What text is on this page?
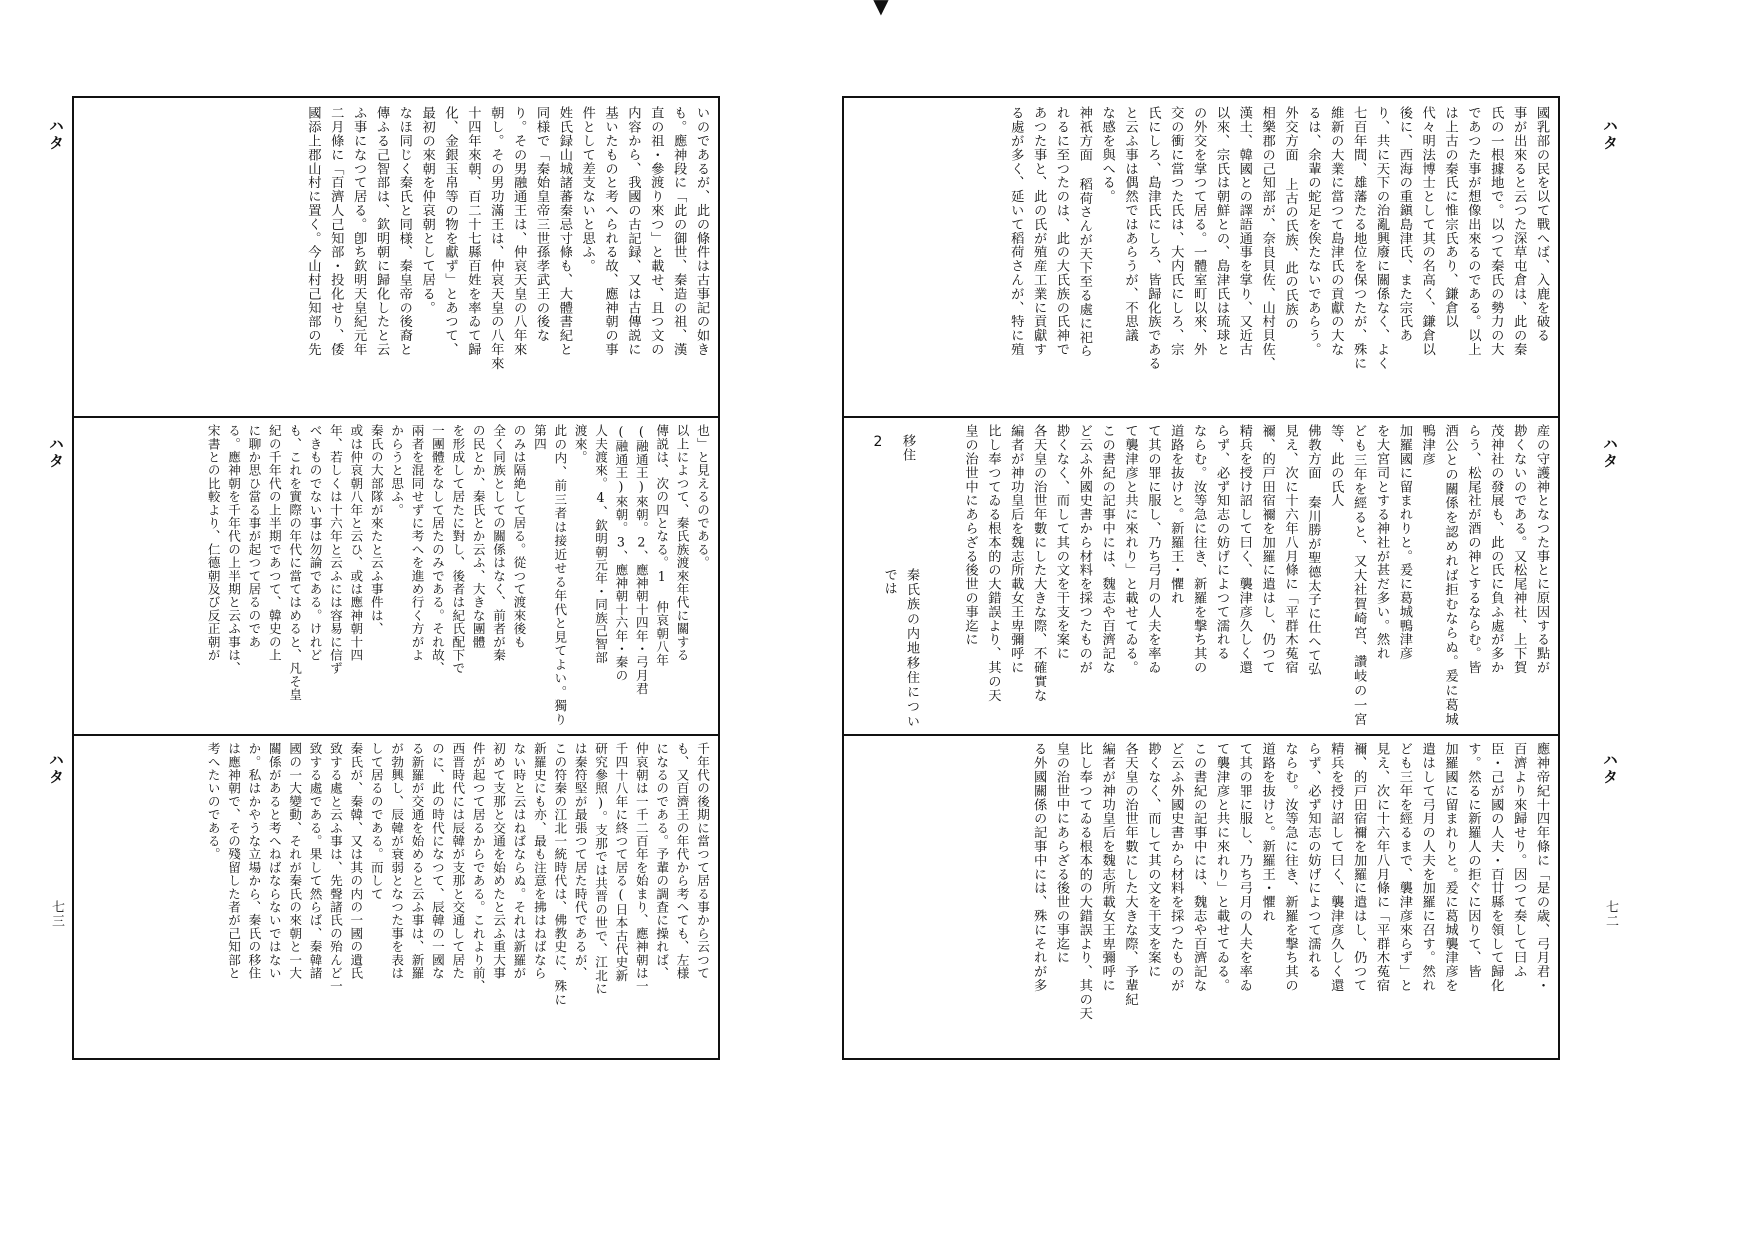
▼

いのであるが、此の條件は古事記の如き

も。應神段に「此の御世、秦造の祖、漢

直の祖・參渡り來つ」と載せ、且つ文の

内容から、我國の古記録、又は古傳説に

基いたものと考へられる故、應神朝の事

件として差支ないと思ふ。

姓氏録山城諸蕃秦忌寸條も、大體書紀と

同様で「秦始皇帝三世孫孝武王の後な

り。その男融通王は、仲哀天皇の八年來

朝し。その男功滿王は、仲哀天皇の八年來

十四年來朝、百二十七縣百姓を率ゐて歸

化、金銀玉帛等の物を獻ず」とあつて、

最初の來朝を仲哀朝として居る。

なほ同じく秦氏と同様、秦皇帝の後裔と

傳ふる己智部は、欽明朝に歸化したと云

ふ事になつて居る。卽ち欽明天皇紀元年

二月條に「百濟人己知部・投化せり、倭

國添上郡山村に置く。今山村己知部の先

也」と見えるのである。

以上によつて、秦氏族渡來年代に關する

傳説は、次の四となる。1 仲哀朝八年

(融通王)來朝。2、應神朝十四年・弓月君

(融通王)來朝。3、應神朝十六年・秦の

人夫渡來。4、欽明朝元年・同族己智部

渡來。

此の内、前三者は接近せる年代と見てよい。獨り第四

のみは隔絶して居る。從つて渡來後も

全く同族としての關係はなく、前者が秦

の民とか、秦氏とか云ふ、大きな團體

を形成して居たに對し、後者は紀氏配下で

一團體をなして居たのみである。それ故、

兩者を混同せずに考へを進め行く方がよ

からうと思ふ。

秦氏の大部隊が來たと云ふ事件は、

或は仲哀朝八年と云ひ、或は應神朝十四

年、若しくは十六年と云ふには容易に信ず

べきものでない事は勿論である。けれど

も、これを實際の年代に當てはめると、凡そ皇

紀の千年代の上半期であつて、韓史の上

に聊か思ひ當る事が起つて居るのであ

る。應神朝を千年代の上半期と云ふ事は、

宋書との比較より、仁德朝及び反正朝が

千年代の後期に當つて居る事から云つて

も、又百濟王の年代から考へても、左様

になるのである。予輩の調査に操れば、

仲哀朝は一千二百年を始まり、應神朝は一

千四十八年に終つて居る(日本古代史新

研究參照)。支那では共晋の世で、江北に

は秦符堅が最張つて居た時代であるが、

この符秦の江北一統時代は、佛教史に、殊に

新羅史にも亦、最も注意を拂はねばなら

ない時と云はねばならぬ。それは新羅が

初めて支那と交通を始めたと云ふ重大事

件が起つて居るからである。これより前、

西晋時代には辰韓が支那と交通して居た

のに、此の時代になつて、辰韓の一國な

る新羅が交通を始めると云ふ事は、新羅

が勃興し、辰韓が衰弱となつた事を表は

して居るのである。而して

秦氏が、秦韓、又は其の内の一國の遺氏

致する處と云ふ事は、先聲諸氏の殆んど一

致する處である。果して然らば、秦韓諸

國の一大變動、それが秦氏の來朝と一大

關係があると考へねばならないではない

か。私はかやうな立場から、秦氏の移住

は應神朝で、その殘留した者が己知部と

考へたいのである。

ハタ
ハタ
ハタ
七三

國乳部の民を以て戰へば、入鹿を破る

事が出來ると云つた深草屯倉は、此の秦

氏の一根據地で。以つて秦氏の勢力の大

であつた事が想像出來るのである。以上

は上古の秦氏に惟宗氏あり、鎌倉以

代々明法博士として其の名高く、鎌倉以

後に、西海の重鎭島津氏、また宗氏あ

り、共に天下の治亂興廢に關係なく、よく

七百年間、雄藩たる地位を保つたが、殊に

維新の大業に當つて島津氏の貢獻の大な

るは、余輩の蛇足を俟たないであらう。

外交方面 上古の氏族、此の氏族の

相樂郡の己知部が、奈良貝佐、山村貝佐、

漢土、韓國との譯語通事を掌り、又近古

以來、宗氏は朝鮮との、島津氏は琉球と

の外交を掌つて居る。一體室町以來、外

交の衝に當つた氏は、大内氏にしろ、宗

氏にしろ、島津氏にしろ、皆歸化族である

と云ふ事は偶然ではあらうが、不思議

な感を與へる。

神祇方面 稻荷さんが天下至る處に祀ら

れるに至つたのは、此の大氏族の氏神で

あつた事と、此の氏が殖産工業に貢獻す

る處が多く、延いて稻荷さんが、特に殖

産の守護神となつた事とに原因する點が

尠くないのである。又松尾神社、上下賀

茂神社の發展も、此の氏に負ふ處が多か

らう、松尾社が酒の神とするならむ。皆

酒公との關係を認めれば拒むならぬ。爰に葛城鴨津彦

加羅國に留まれりと。爰に葛城鴨津彦

を大宮司とする神社が甚だ多い。然れ

ども三年を經ると、又大社賀崎宮、讚岐の一宮等、此の氏人

佛教方面 秦川勝が聖德太子に仕へて弘

見え、次に十六年八月條に「平群木菟宿

禰、的戸田宿禰を加羅に遣はし、仍つて

精兵を授け詔して曰く、襲津彦久しく還

らず、必ず知志の妨げによつて濡れる

ならむ。汝等急に往き、新羅を撃ち其の

道路を抜けと。新羅王・懼れ

て其の罪に服し、乃ち弓月の人夫を率ゐ

て襲津彦と共に來れり」と載せてゐる。

この書紀の記事中には、魏志や百濟記な

ど云ふ外國史書から材料を採つたものが

尠くなく、而して其の文を干支を案に

各天皇の治世年數にした大きな際、不確實な

編者が神功皇后を魏志所載女王卑彌呼に

比し奉つてゐる根本的の大錯誤より、其の天

皇の治世中にあらざる後世の事迄に

2	移住

秦氏族の内地移住についでは

應神帝紀十四年條に「是の歳、弓月君・

百濟より來歸せり。因つて奏して曰ふ

臣・己が國の人夫・百廿縣を領して歸化

す。然るに新羅人の拒ぐに因りて、皆

加羅國に留まれりと。爰に葛城襲津彦を

遣はして弓月の人夫を加羅に召す。然れ

ども三年を經るまで、襲津彦來らず」と

見え、次に十六年八月條に「平群木菟宿

禰、的戸田宿禰を加羅に遣はし、仍つて

精兵を授け詔して曰く、襲津彦久しく還

らず、必ず知志の妨げによつて濡れる

ならむ。汝等急に往き、新羅を撃ち其の

道路を抜けと。新羅王・懼れ

て其の罪に服し、乃ち弓月の人夫を率ゐ

て襲津彦と共に來れり」と載せてゐる。

この書紀の記事中には、魏志や百濟記な

ど云ふ外國史書から材料を採つたものが

尠くなく、而して其の文を干支を案に

各天皇の治世年數にした大きな際、予輩紀

編者が神功皇后を魏志所載女王卑彌呼に

比し奉つてゐる根本的の大錯誤より、其の天

皇の治世中にあらざる後世の事迄に

る外國關係の記事中には、殊にそれが多

ハタ
ハタ
ハタ
七二
